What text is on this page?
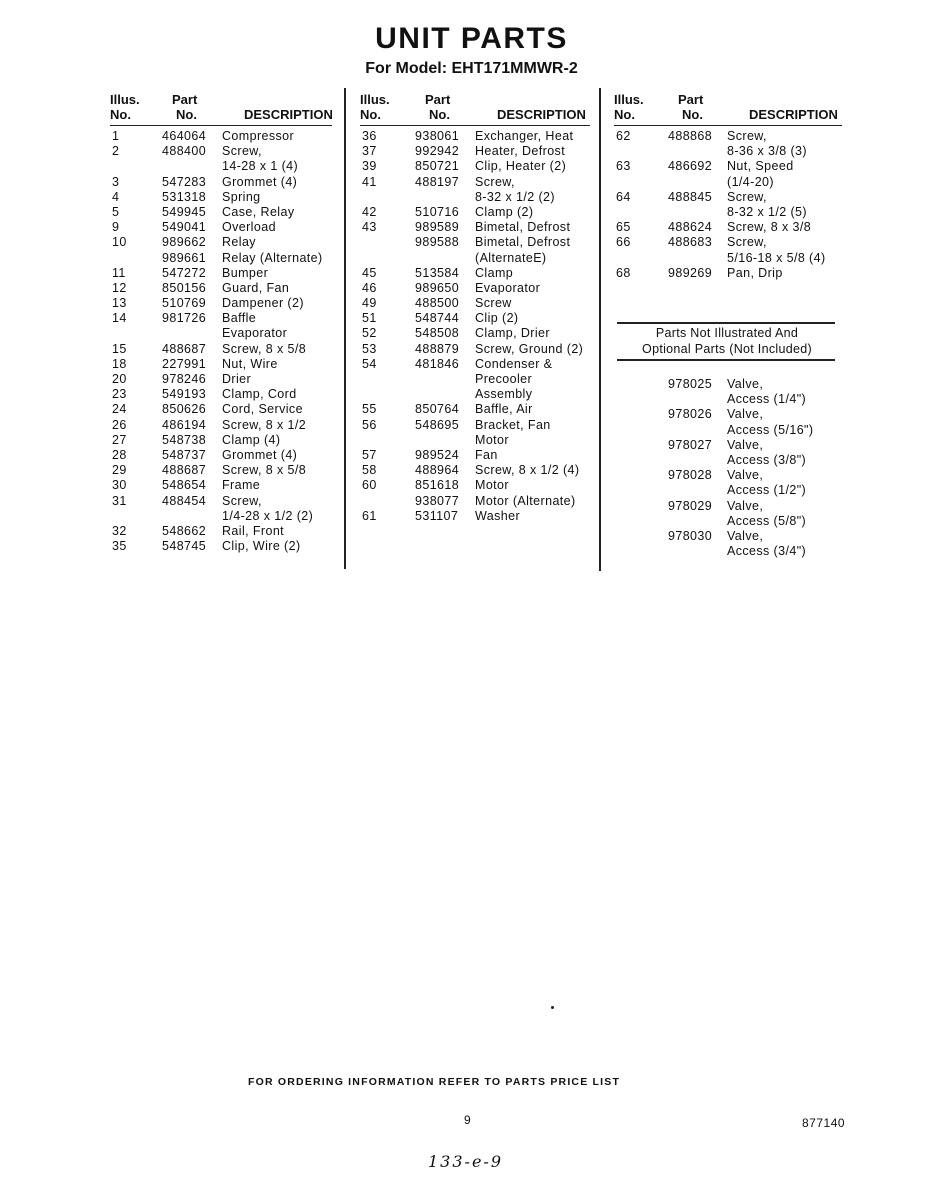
UNIT PARTS
For Model: EHT171MMWR-2
Illus.
No.
Part
No.	DESCRIPTION
1	464064 Compressor
2	488400 Screw,
14-28 x 1 (4)
3	547283 Grommet (4)
4	531318 Spring
5	549945 Case, Relay
9	549041 Overload
10	989662 Relay
989661 Relay (Alternate)
11	547272 Bumper
12	850156 Guard, Fan
13	510769 Dampener (2)
14	981726 Baffle
Evaporator
15	488687 Screw, 8 x 5/8
18	227991 Nut, Wire
20	978246 Drier
23	549193 Clamp, Cord
24	850626 Cord, Service
26	486194 Screw, 8 x 1/2
27	548738 Clamp (4)
28	548737 Grommet (4)
29	488687 Screw, 8 x 5/8
30	548654 Frame
31	488454 Screw,
1/4-28 x 1/2 (2)
32	548662 Rail, Front
35	548745 Clip, Wire (2)
Illus.
No.
Part
No.	DESCRIPTION
36	938061 Exchanger, Heat
37	992942 Heater, Defrost
39	850721 Clip, Heater (2)
41	488197 Screw,
8-32 x 1/2 (2)
42	510716 Clamp (2)
43	989589 Bimetal, Defrost
989588 Bimetal, Defrost
(AlternateE)
45	513584 Clamp
46	989650 Evaporator
49	488500 Screw
51	548744 Clip (2)
52	548508 Clamp, Drier
53	488879 Screw, Ground (2)
54	481846 Condenser &
Precooler
Assembly
55	850764 Baffle, Air
56	548695 Bracket, Fan
Motor
57	989524 Fan
58	488964 Screw, 8 x 1/2 (4)
60	851618 Motor
938077 Motor (Alternate)
61	531107 Washer
Illus.
No.
Part
No.	DESCRIPTION
62	488868 Screw,
8-36 x 3/8 (3)
63	486692 Nut, Speed
(1/4-20)
64	488845 Screw,
8-32 x 1/2 (5)
65	488624 Screw, 8 x 3/8
66	488683 Screw,
5/16-18 x 5/8 (4)
68	989269 Pan, Drip
Parts Not Illustrated And
Optional Parts (Not Included)
978025 Valve,
Access (1/4")
978026 Valve,
Access (5/16")
978027 Valve,
Access (3/8")
978028 Valve,
Access (1/2")
978029 Valve,
Access (5/8")
978030 Valve,
Access (3/4")
FOR ORDERING INFORMATION REFER TO PARTS PRICE LIST
9	877140
133-e-9
